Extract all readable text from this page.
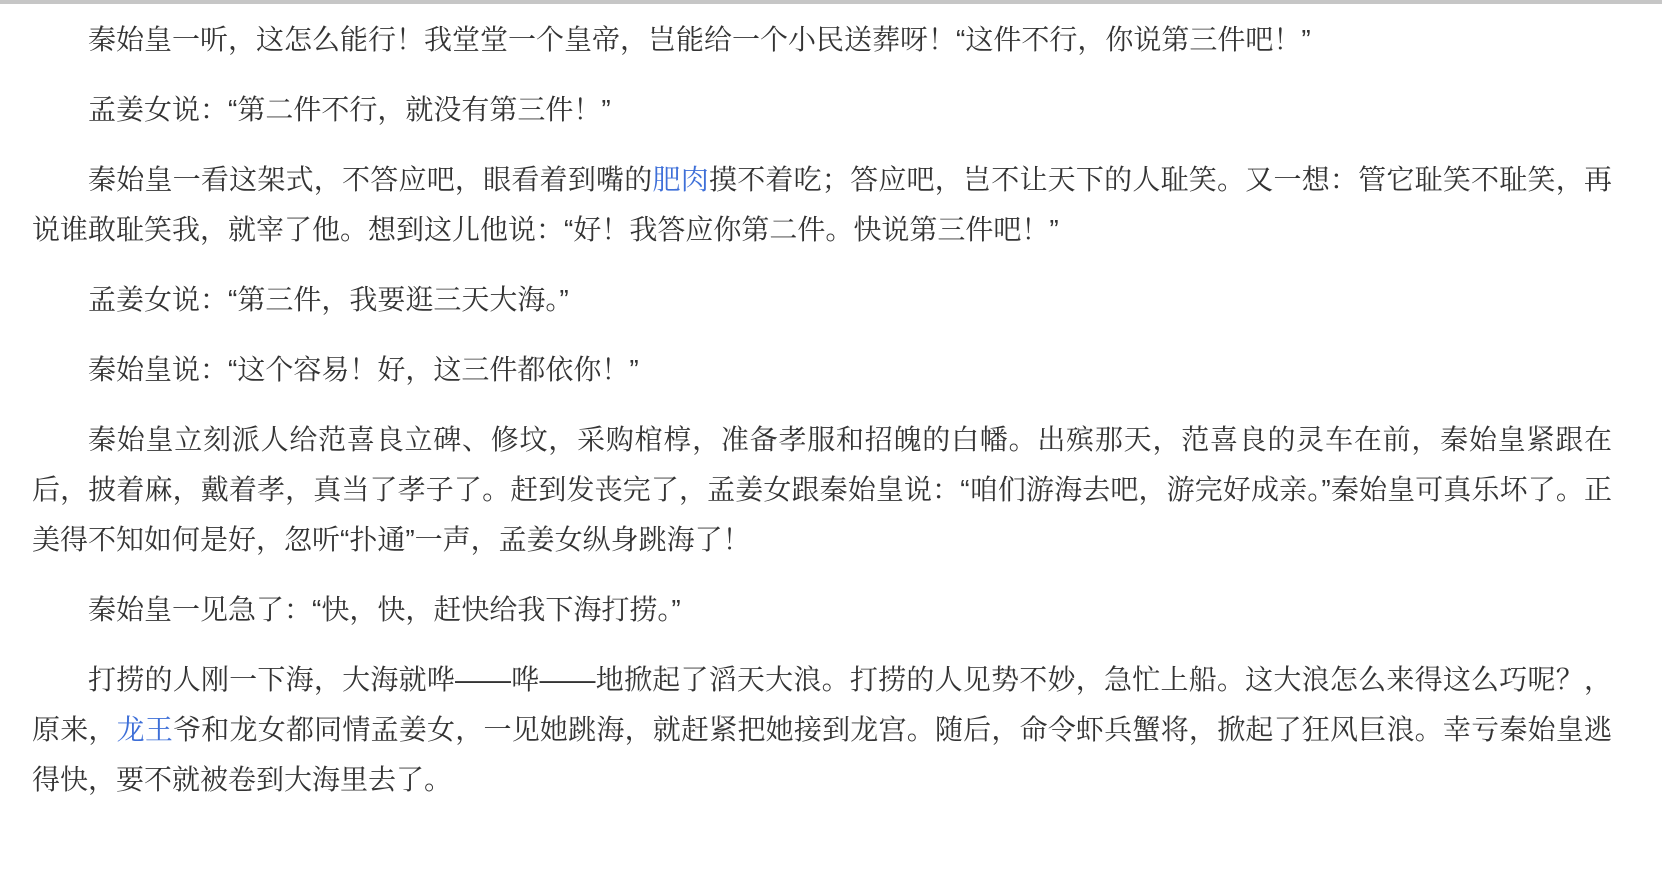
秦始皇一听，这怎么能行！我堂堂一个皇帝，岂能给一个小民送葬呀！“这件不行，你说第三件吧！”

孟姜女说：“第二件不行，就没有第三件！”

秦始皇一看这架式，不答应吧，眼看着到嘴的肥肉摸不着吃；答应吧，岂不让天下的人耻笑。又一想：管它耻笑不耻笑，再说谁敢耻笑我，就宰了他。想到这儿他说：“好！我答应你第二件。快说第三件吧！”

孟姜女说：“第三件，我要逛三天大海。”

秦始皇说：“这个容易！好，这三件都依你！”

秦始皇立刻派人给范喜良立碑、修坟，采购棺椁，准备孝服和招魄的白幡。出殡那天，范喜良的灵车在前，秦始皇紧跟在后，披着麻，戴着孝，真当了孝子了。赶到发丧完了，孟姜女跟秦始皇说：“咱们游海去吧，游完好成亲。”秦始皇可真乐坏了。正美得不知如何是好，忽听“扑通”一声，孟姜女纵身跳海了！

秦始皇一见急了：“快，快，赶快给我下海打捞。”

打捞的人刚一下海，大海就哗——哗——地掀起了滔天大浪。打捞的人见势不妙，急忙上船。这大浪怎么来得这么巧呢？，原来，龙王爷和龙女都同情孟姜女，一见她跳海，就赶紧把她接到龙宫。随后，命令虾兵蟹将，掀起了狂风巨浪。幸亏秦始皇逃得快，要不就被卷到大海里去了。
